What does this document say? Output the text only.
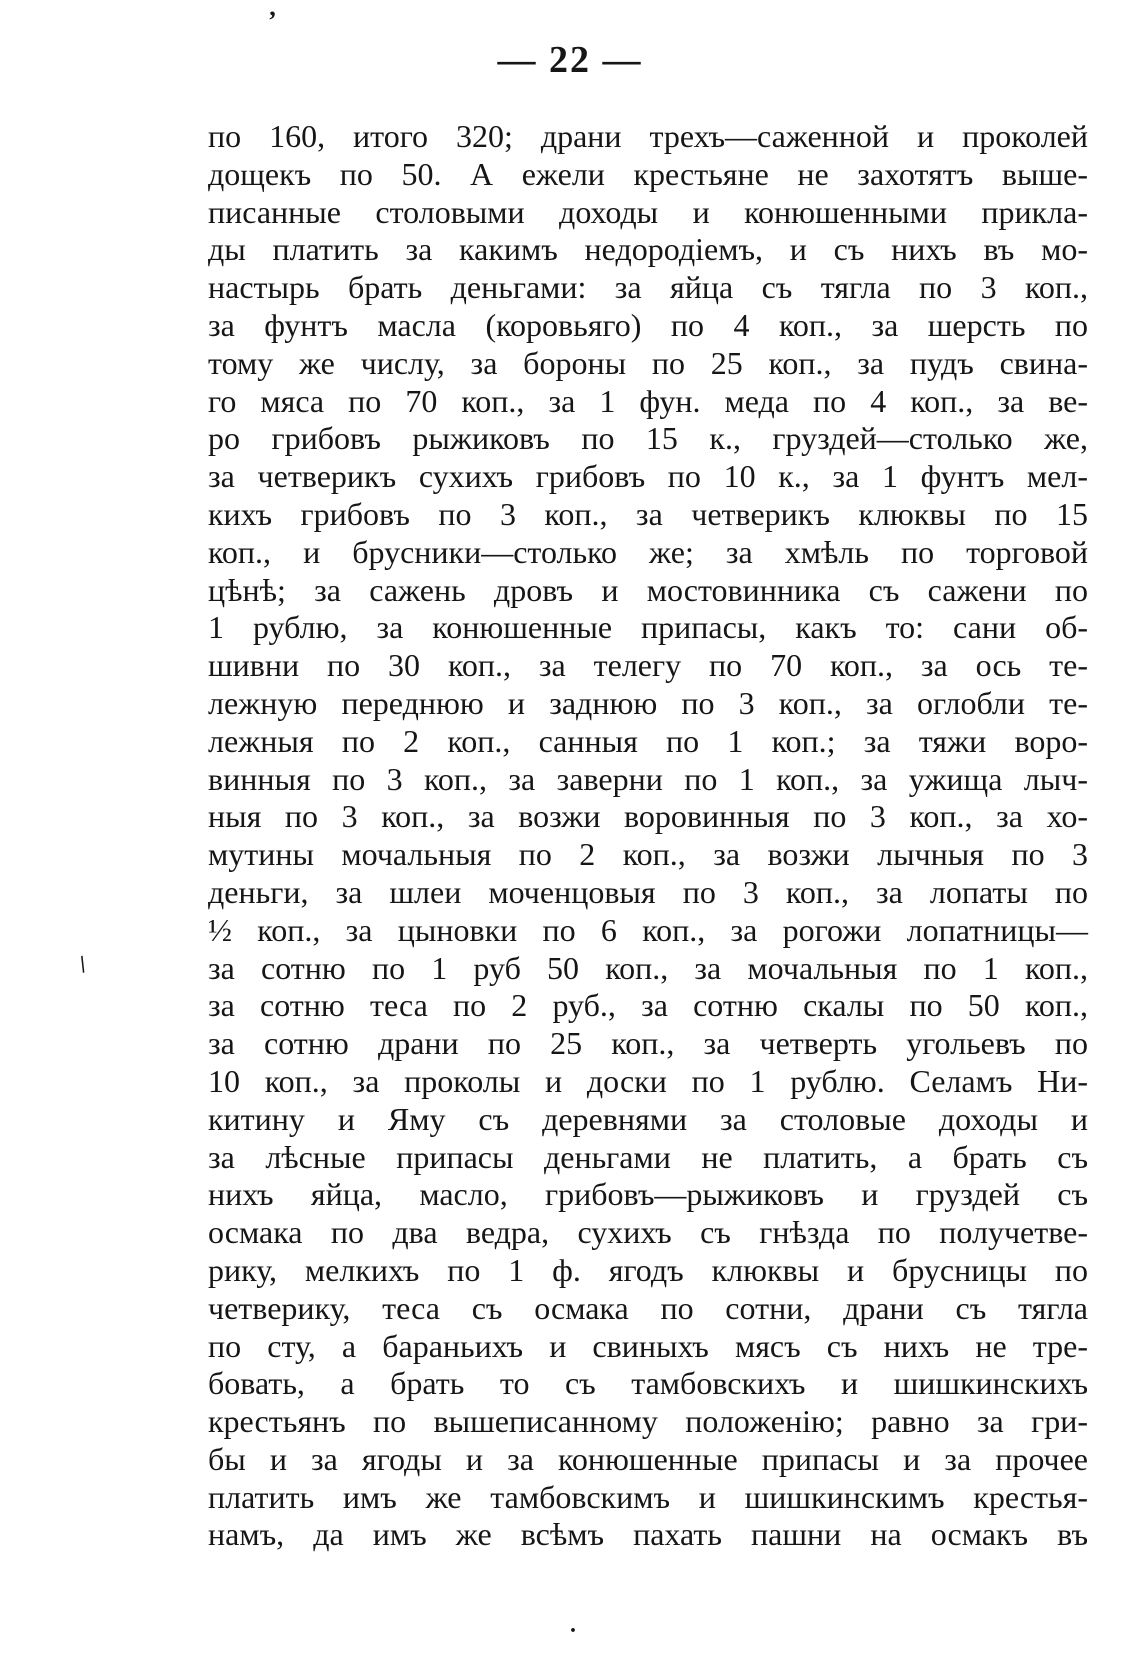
’
— 22 —
/
по 160, итого 320; драни трехъ—саженной и проколей
дощекъ по 50. А ежели крестьяне не захотятъ выше-
писанные столовыми доходы и конюшенными прикла-
ды платить за какимъ недородіемъ, и съ нихъ въ мо-
настырь брать деньгами: за яйца съ тягла по 3 коп.,
за фунтъ масла (коровьяго) по 4 коп., за шерсть по
тому же числу, за бороны по 25 коп., за пудъ свина-
го мяса по 70 коп., за 1 фун. меда по 4 коп., за ве-
ро грибовъ рыжиковъ по 15 к., груздей—столько же,
за четверикъ сухихъ грибовъ по 10 к., за 1 фунтъ мел-
кихъ грибовъ по 3 коп., за четверикъ клюквы по 15
коп., и брусники—столько же; за хмѣль по торговой
цѣнѣ; за сажень дровъ и мостовинника съ сажени по
1 рублю, за конюшенные припасы, какъ то: сани об-
шивни по 30 коп., за телегу по 70 коп., за ось те-
лежную переднюю и заднюю по 3 коп., за оглобли те-
лежныя по 2 коп., санныя по 1 коп.; за тяжи воро-
винныя по 3 коп., за заверни по 1 коп., за ужища лыч-
ныя по 3 коп., за возжи воровинныя по 3 коп., за хо-
мутины мочальныя по 2 коп., за возжи лычныя по 3
деньги, за шлеи моченцовыя по 3 коп., за лопаты по
½ коп., за цыновки по 6 коп., за рогожи лопатницы—
за сотню по 1 руб 50 коп., за мочальныя по 1 коп.,
за сотню теса по 2 руб., за сотню скалы по 50 коп.,
за сотню драни по 25 коп., за четверть угольевъ по
10 коп., за проколы и доски по 1 рублю. Селамъ Ни-
китину и Яму съ деревнями за столовые доходы и
за лѣсные припасы деньгами не платить, а брать съ
нихъ яйца, масло, грибовъ—рыжиковъ и груздей съ
осмака по два ведра, сухихъ съ гнѣзда по получетве-
рику, мелкихъ по 1 ф. ягодъ клюквы и брусницы по
четверику, теса съ осмака по сотни, драни съ тягла
по сту, а бараньихъ и свиныхъ мясъ съ нихъ не тре-
бовать, а брать то съ тамбовскихъ и шишкинскихъ
крестьянъ по вышеписанному положенію; равно за гри-
бы и за ягоды и за конюшенные припасы и за прочее
платить имъ же тамбовскимъ и шишкинскимъ крестья-
намъ, да имъ же всѣмъ пахать пашни на осмакъ въ
.
